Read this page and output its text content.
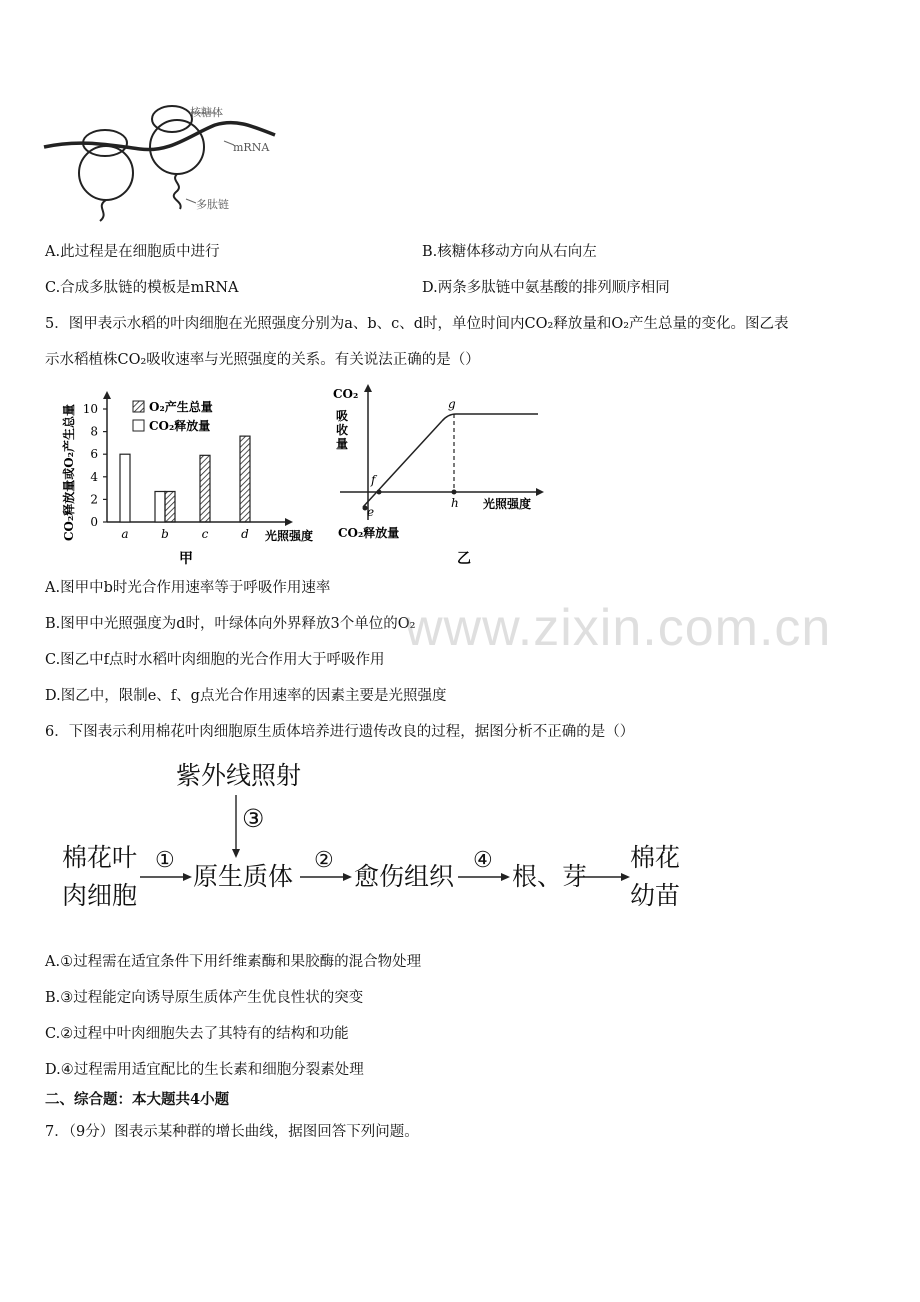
核糖体
mRNA
多肽链
A.此过程是在细胞质中进行	B.核糖体移动方向从右向左
C.合成多肽链的模板是mRNA	D.两条多肽链中氨基酸的排列顺序相同
5．图甲表示水稻的叶肉细胞在光照强度分别为a、b、c、d时，单位时间内CO₂释放量和O₂产生总量的变化。图乙表
示水稻植株CO₂吸收速率与光照强度的关系。有关说法正确的是（）
CO₂释放量或O₂产生总量 0
2
4
6
8
10
a	b	c	d
O₂产生总量
CO₂释放量
光照强度
甲
CO₂
吸
收
量
e
f
g
h 光照强度
CO₂释放量
乙
A.图甲中b时光合作用速率等于呼吸作用速率
B.图甲中光照强度为d时，叶绿体向外界释放3个单位的O₂
C.图乙中f点时水稻叶肉细胞的光合作用大于呼吸作用
D.图乙中，限制e、f、g点光合作用速率的因素主要是光照强度
www.zixin.com.cn
6．下图表示利用棉花叶肉细胞原生质体培养进行遗传改良的过程，据图分析不正确的是（）
紫外线照射
③
棉花叶
肉细胞
①
原生质体
②
愈伤组织
④
根、芽
棉花
幼苗
A.①过程需在适宜条件下用纤维素酶和果胶酶的混合物处理
B.③过程能定向诱导原生质体产生优良性状的突变
C.②过程中叶肉细胞失去了其特有的结构和功能
D.④过程需用适宜配比的生长素和细胞分裂素处理
二、综合题：本大题共4小题
7．（9分）图表示某种群的增长曲线，据图回答下列问题。
